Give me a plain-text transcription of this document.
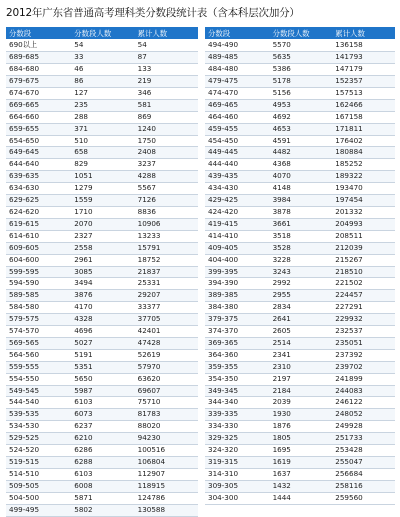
2012年广东省普通高考理科类分数段统计表（含本科层次加分）
分数段	分数段人数	累计人数
690以上	54	54
689-685	33	87
684-680	46	133
679-675	86	219
674-670	127	346
669-665	235	581
664-660	288	869
659-655	371	1240
654-650	510	1750
649-645	658	2408
644-640	829	3237
639-635	1051	4288
634-630	1279	5567
629-625	1559	7126
624-620	1710	8836
619-615	2070	10906
614-610	2327	13233
609-605	2558	15791
604-600	2961	18752
599-595	3085	21837
594-590	3494	25331
589-585	3876	29207
584-580	4170	33377
579-575	4328	37705
574-570	4696	42401
569-565	5027	47428
564-560	5191	52619
559-555	5351	57970
554-550	5650	63620
549-545	5987	69607
544-540	6103	75710
539-535	6073	81783
534-530	6237	88020
529-525	6210	94230
524-520	6286	100516
519-515	6288	106804
514-510	6103	112907
509-505	6008	118915
504-500	5871	124786
499-495	5802	130588
分数段	分数段人数	累计人数
494-490	5570	136158
489-485	5635	141793
484-480	5386	147179
479-475	5178	152357
474-470	5156	157513
469-465	4953	162466
464-460	4692	167158
459-455	4653	171811
454-450	4591	176402
449-445	4482	180884
444-440	4368	185252
439-435	4070	189322
434-430	4148	193470
429-425	3984	197454
424-420	3878	201332
419-415	3661	204993
414-410	3518	208511
409-405	3528	212039
404-400	3228	215267
399-395	3243	218510
394-390	2992	221502
389-385	2955	224457
384-380	2834	227291
379-375	2641	229932
374-370	2605	232537
369-365	2514	235051
364-360	2341	237392
359-355	2310	239702
354-350	2197	241899
349-345	2184	244083
344-340	2039	246122
339-335	1930	248052
334-330	1876	249928
329-325	1805	251733
324-320	1695	253428
319-315	1619	255047
314-310	1637	256684
309-305	1432	258116
304-300	1444	259560
